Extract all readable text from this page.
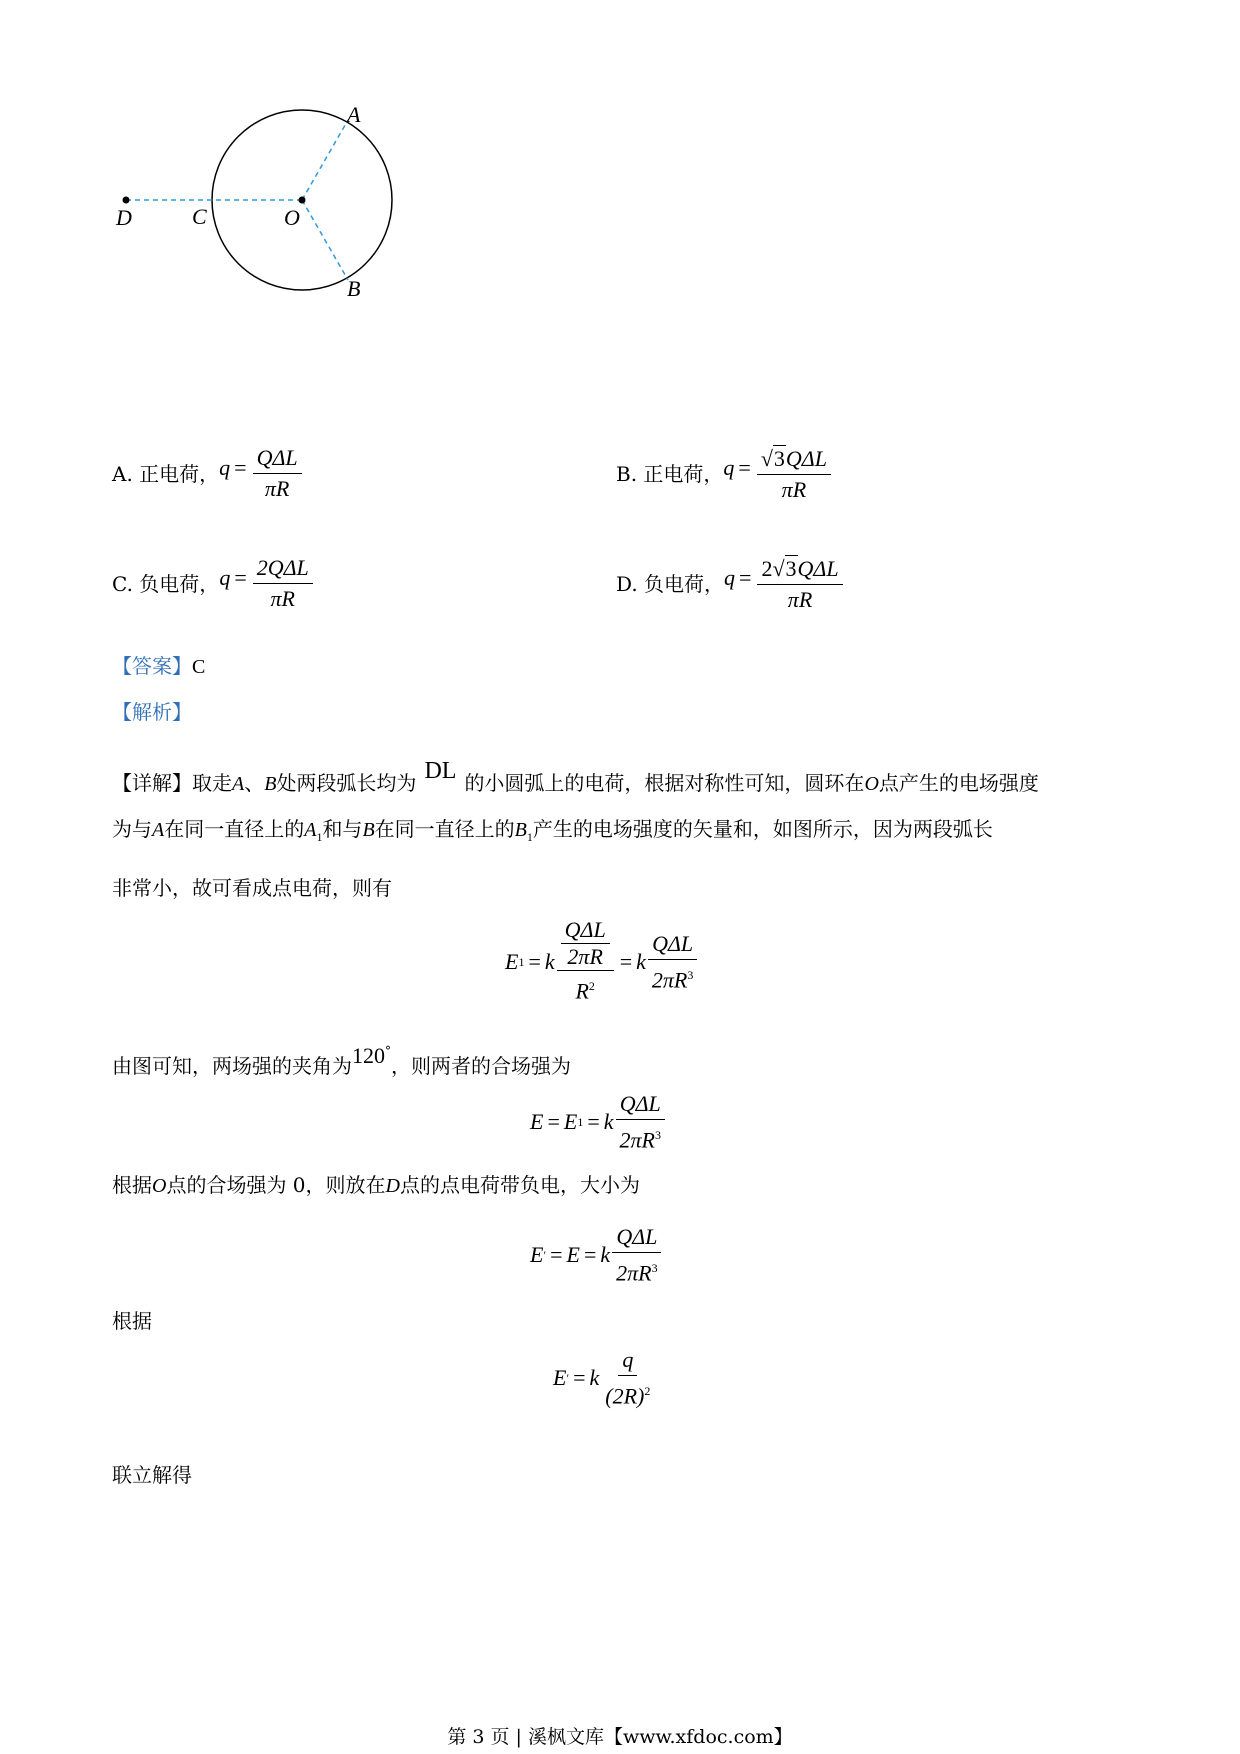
A
B
C
D	O
A. 正电荷， $q = \frac{\text{QΔL}}{\pi R}$	B. 正电荷， $q = \frac{\text{√ 3 QΔL}}{\pi R}$
C. 负电荷， $q = \frac{\text{2QΔL}}{\pi R}$	D. 负电荷， $q = \frac{\text{2√ 3 QΔL}}{\pi R}$
【答案】C
【解析】
【详解】取走A、B处两段弧长均为 DL 的小圆弧上的电荷，根据对称性可知，圆环在O点产生的电场强度
为与A在同一直径上的$A_1$和与B在同一直径上的$B_1$产生的电场强度的矢量和，如图所示，因为两段弧长
非常小，故可看成点电荷，则有
E 1 = k $\frac{\frac{\text{QΔL}}{2\pi R}}{R^2} = k \frac{\text{QΔL}}{2\pi R^3}$
由图可知，两场强的夹角为120°，则两者的合场强为
E = E 1 = k $\frac{\text{QΔL}}{2\pi R^3}$
根据O点的合场强为 0，则放在D点的点电荷带负电，大小为
E ′ = E = k $\frac{\text{QΔL}}{2\pi R^3}$
根据
E ′ = k $\frac{q}{(2R)^2}$
联立解得
第 3 页 | 溪枫文库【www.xfdoc.com】
